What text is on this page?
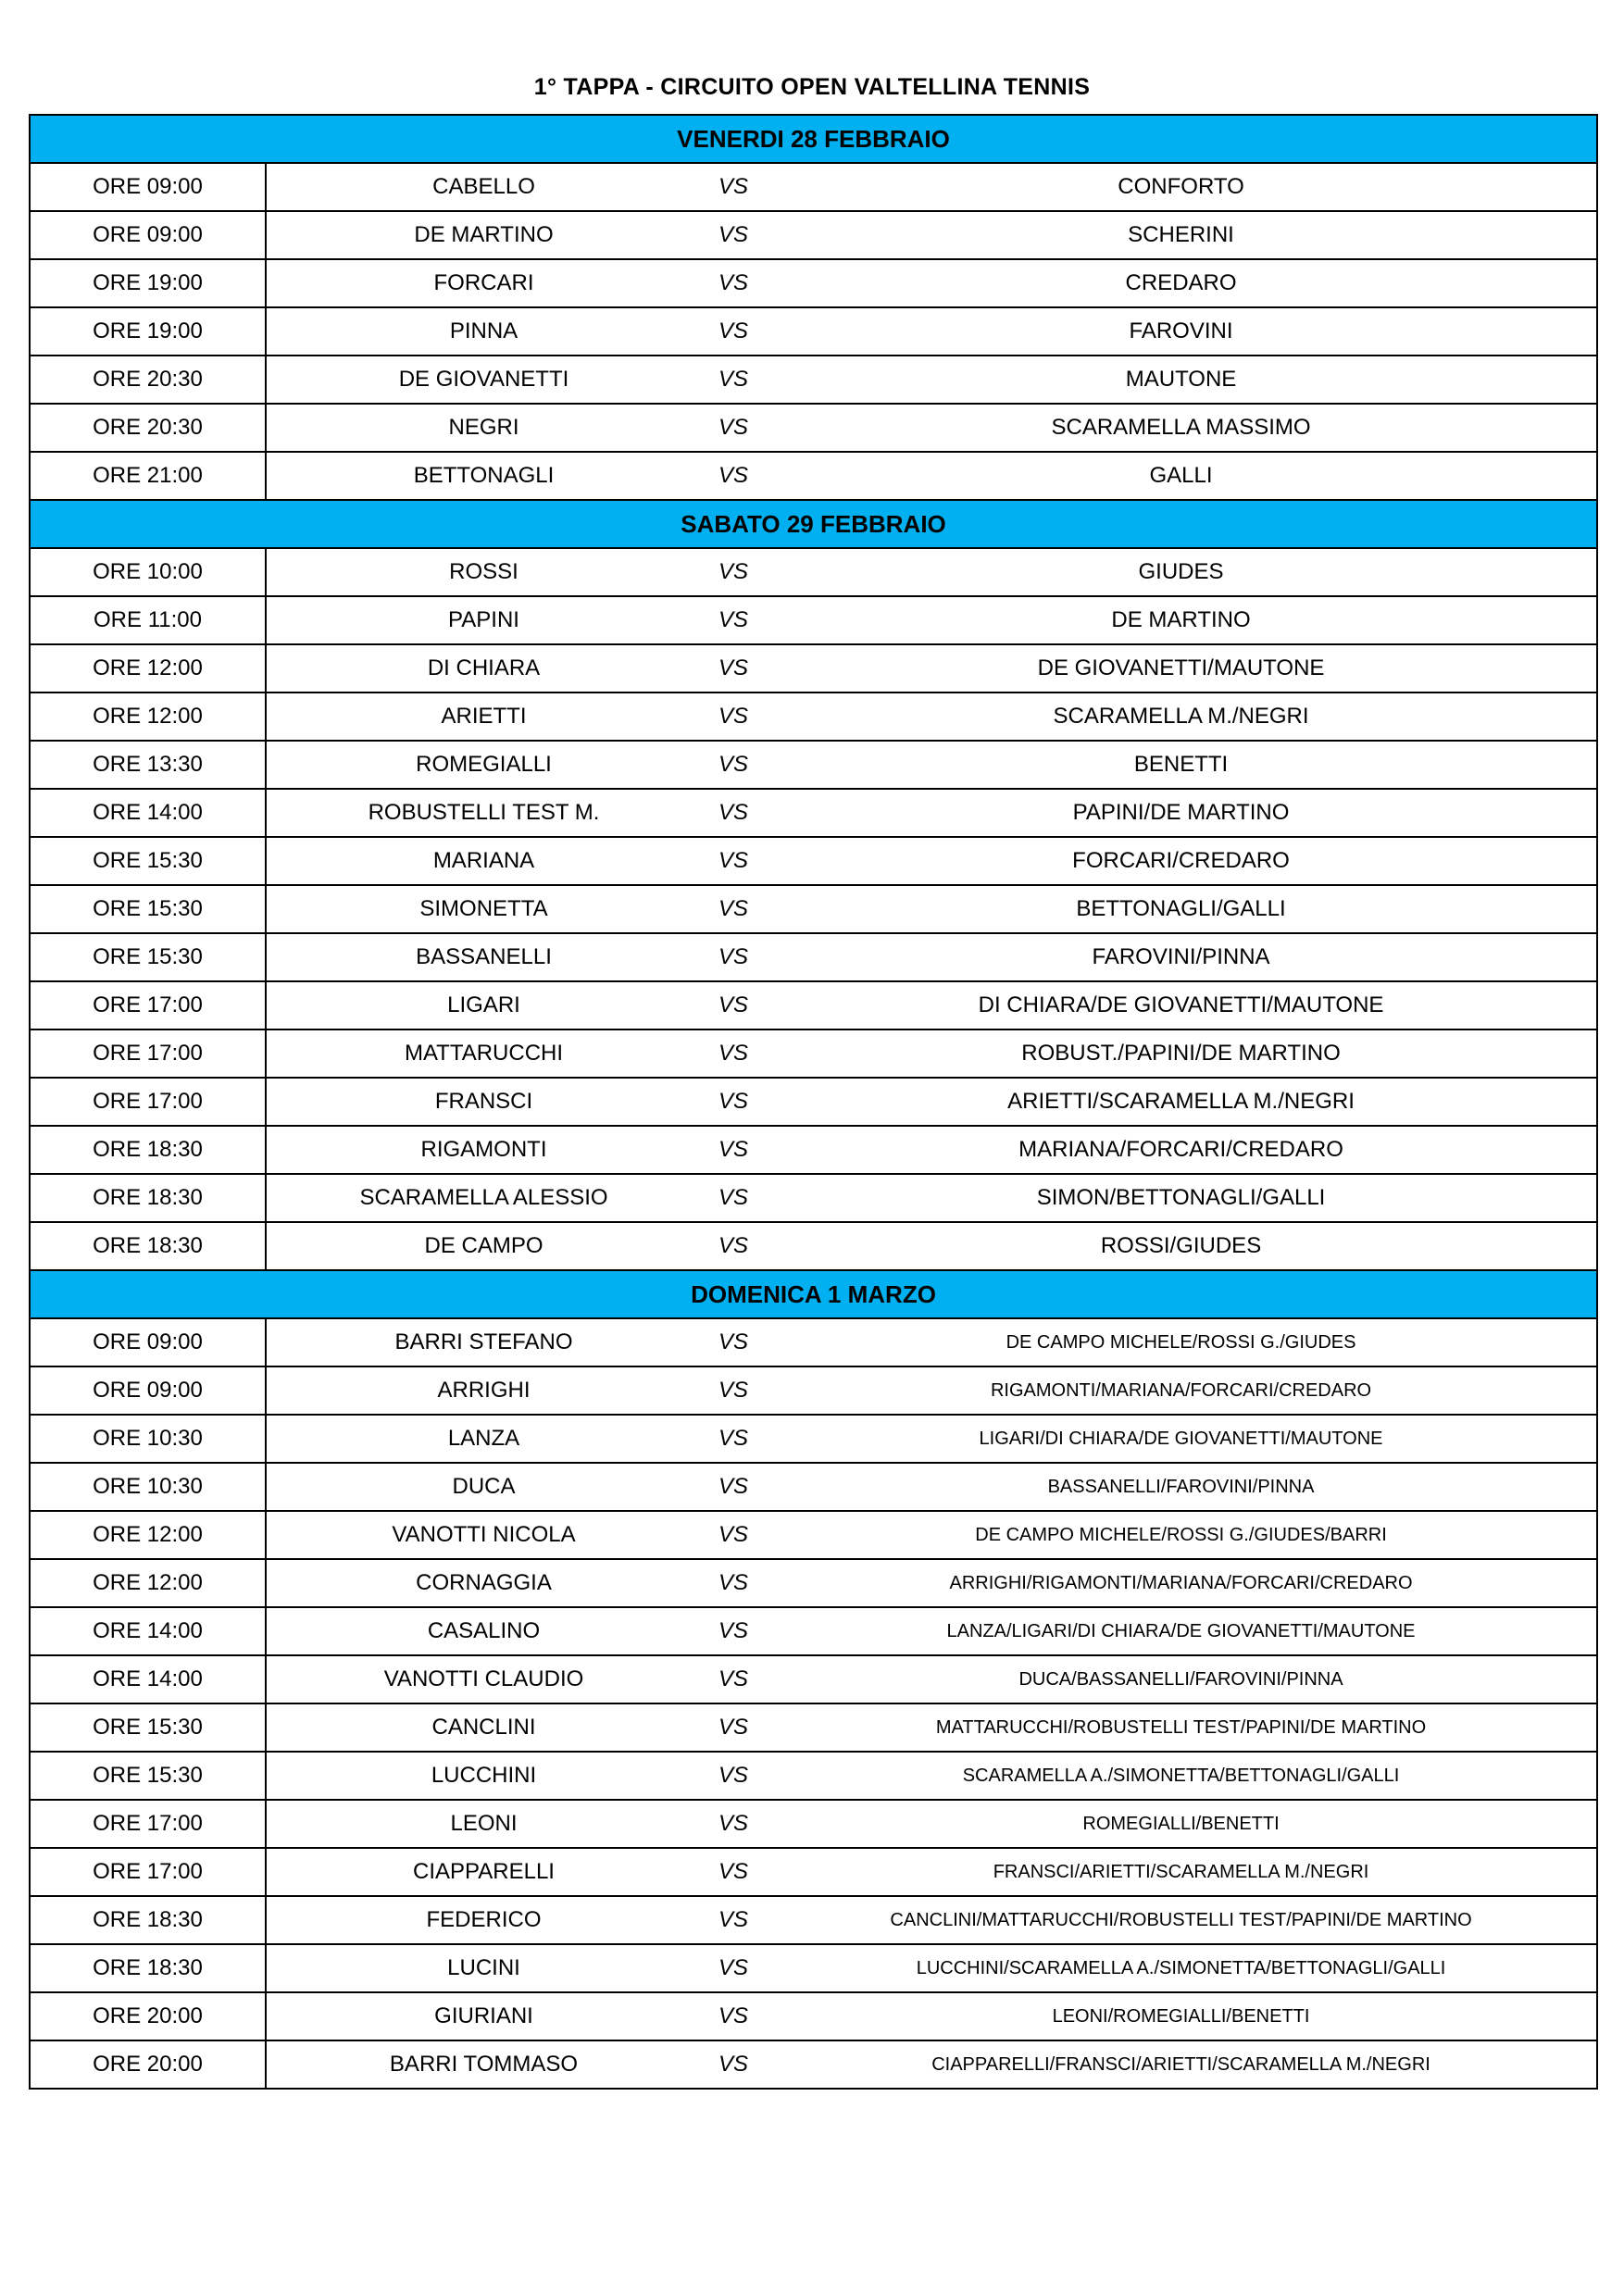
1° TAPPA - CIRCUITO OPEN VALTELLINA TENNIS
VENERDI 28 FEBBRAIO			
ORE 09:00	CABELLO	VS	CONFORTO
ORE 09:00	DE MARTINO	VS	SCHERINI
ORE 19:00	FORCARI	VS	CREDARO
ORE 19:00	PINNA	VS	FAROVINI
ORE 20:30	DE GIOVANETTI	VS	MAUTONE
ORE 20:30	NEGRI	VS	SCARAMELLA MASSIMO
ORE 21:00	BETTONAGLI	VS	GALLI
SABATO 29 FEBBRAIO			
ORE 10:00	ROSSI	VS	GIUDES
ORE 11:00	PAPINI	VS	DE MARTINO
ORE 12:00	DI CHIARA	VS	DE GIOVANETTI/MAUTONE
ORE 12:00	ARIETTI	VS	SCARAMELLA M./NEGRI
ORE 13:30	ROMEGIALLI	VS	BENETTI
ORE 14:00	ROBUSTELLI TEST M.	VS	PAPINI/DE MARTINO
ORE 15:30	MARIANA	VS	FORCARI/CREDARO
ORE 15:30	SIMONETTA	VS	BETTONAGLI/GALLI
ORE 15:30	BASSANELLI	VS	FAROVINI/PINNA
ORE 17:00	LIGARI	VS	DI CHIARA/DE GIOVANETTI/MAUTONE
ORE 17:00	MATTARUCCHI	VS	ROBUST./PAPINI/DE MARTINO
ORE 17:00	FRANSCI	VS	ARIETTI/SCARAMELLA M./NEGRI
ORE 18:30	RIGAMONTI	VS	MARIANA/FORCARI/CREDARO
ORE 18:30	SCARAMELLA ALESSIO	VS	SIMON/BETTONAGLI/GALLI
ORE 18:30	DE CAMPO	VS	ROSSI/GIUDES
DOMENICA 1 MARZO			
ORE 09:00	BARRI STEFANO	VS	DE CAMPO MICHELE/ROSSI G./GIUDES
ORE 09:00	ARRIGHI	VS	RIGAMONTI/MARIANA/FORCARI/CREDARO
ORE 10:30	LANZA	VS	LIGARI/DI CHIARA/DE GIOVANETTI/MAUTONE
ORE 10:30	DUCA	VS	BASSANELLI/FAROVINI/PINNA
ORE 12:00	VANOTTI NICOLA	VS	DE CAMPO MICHELE/ROSSI G./GIUDES/BARRI
ORE 12:00	CORNAGGIA	VS	ARRIGHI/RIGAMONTI/MARIANA/FORCARI/CREDARO
ORE 14:00	CASALINO	VS	LANZA/LIGARI/DI CHIARA/DE GIOVANETTI/MAUTONE
ORE 14:00	VANOTTI CLAUDIO	VS	DUCA/BASSANELLI/FAROVINI/PINNA
ORE 15:30	CANCLINI	VS	MATTARUCCHI/ROBUSTELLI TEST/PAPINI/DE MARTINO
ORE 15:30	LUCCHINI	VS	SCARAMELLA A./SIMONETTA/BETTONAGLI/GALLI
ORE 17:00	LEONI	VS	ROMEGIALLI/BENETTI
ORE 17:00	CIAPPARELLI	VS	FRANSCI/ARIETTI/SCARAMELLA M./NEGRI
ORE 18:30	FEDERICO	VS	CANCLINI/MATTARUCCHI/ROBUSTELLI TEST/PAPINI/DE MARTINO
ORE 18:30	LUCINI	VS	LUCCHINI/SCARAMELLA A./SIMONETTA/BETTONAGLI/GALLI
ORE 20:00	GIURIANI	VS	LEONI/ROMEGIALLI/BENETTI
ORE 20:00	BARRI TOMMASO	VS	CIAPPARELLI/FRANSCI/ARIETTI/SCARAMELLA M./NEGRI
